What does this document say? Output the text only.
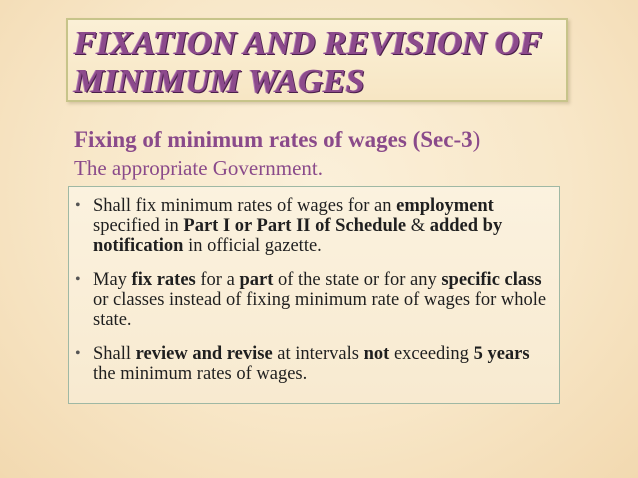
FIXATION AND REVISION OF
MINIMUM WAGES
Fixing of minimum rates of wages (Sec-3)

The appropriate Government.

• Shall fix minimum rates of wages for an employment specified in Part I or Part II of Schedule & added by notification in official gazette.
• May fix rates for a part of the state or for any specific class or classes instead of fixing minimum rate of wages for whole state.
• Shall review and revise at intervals not exceeding 5 years the minimum rates of wages.
